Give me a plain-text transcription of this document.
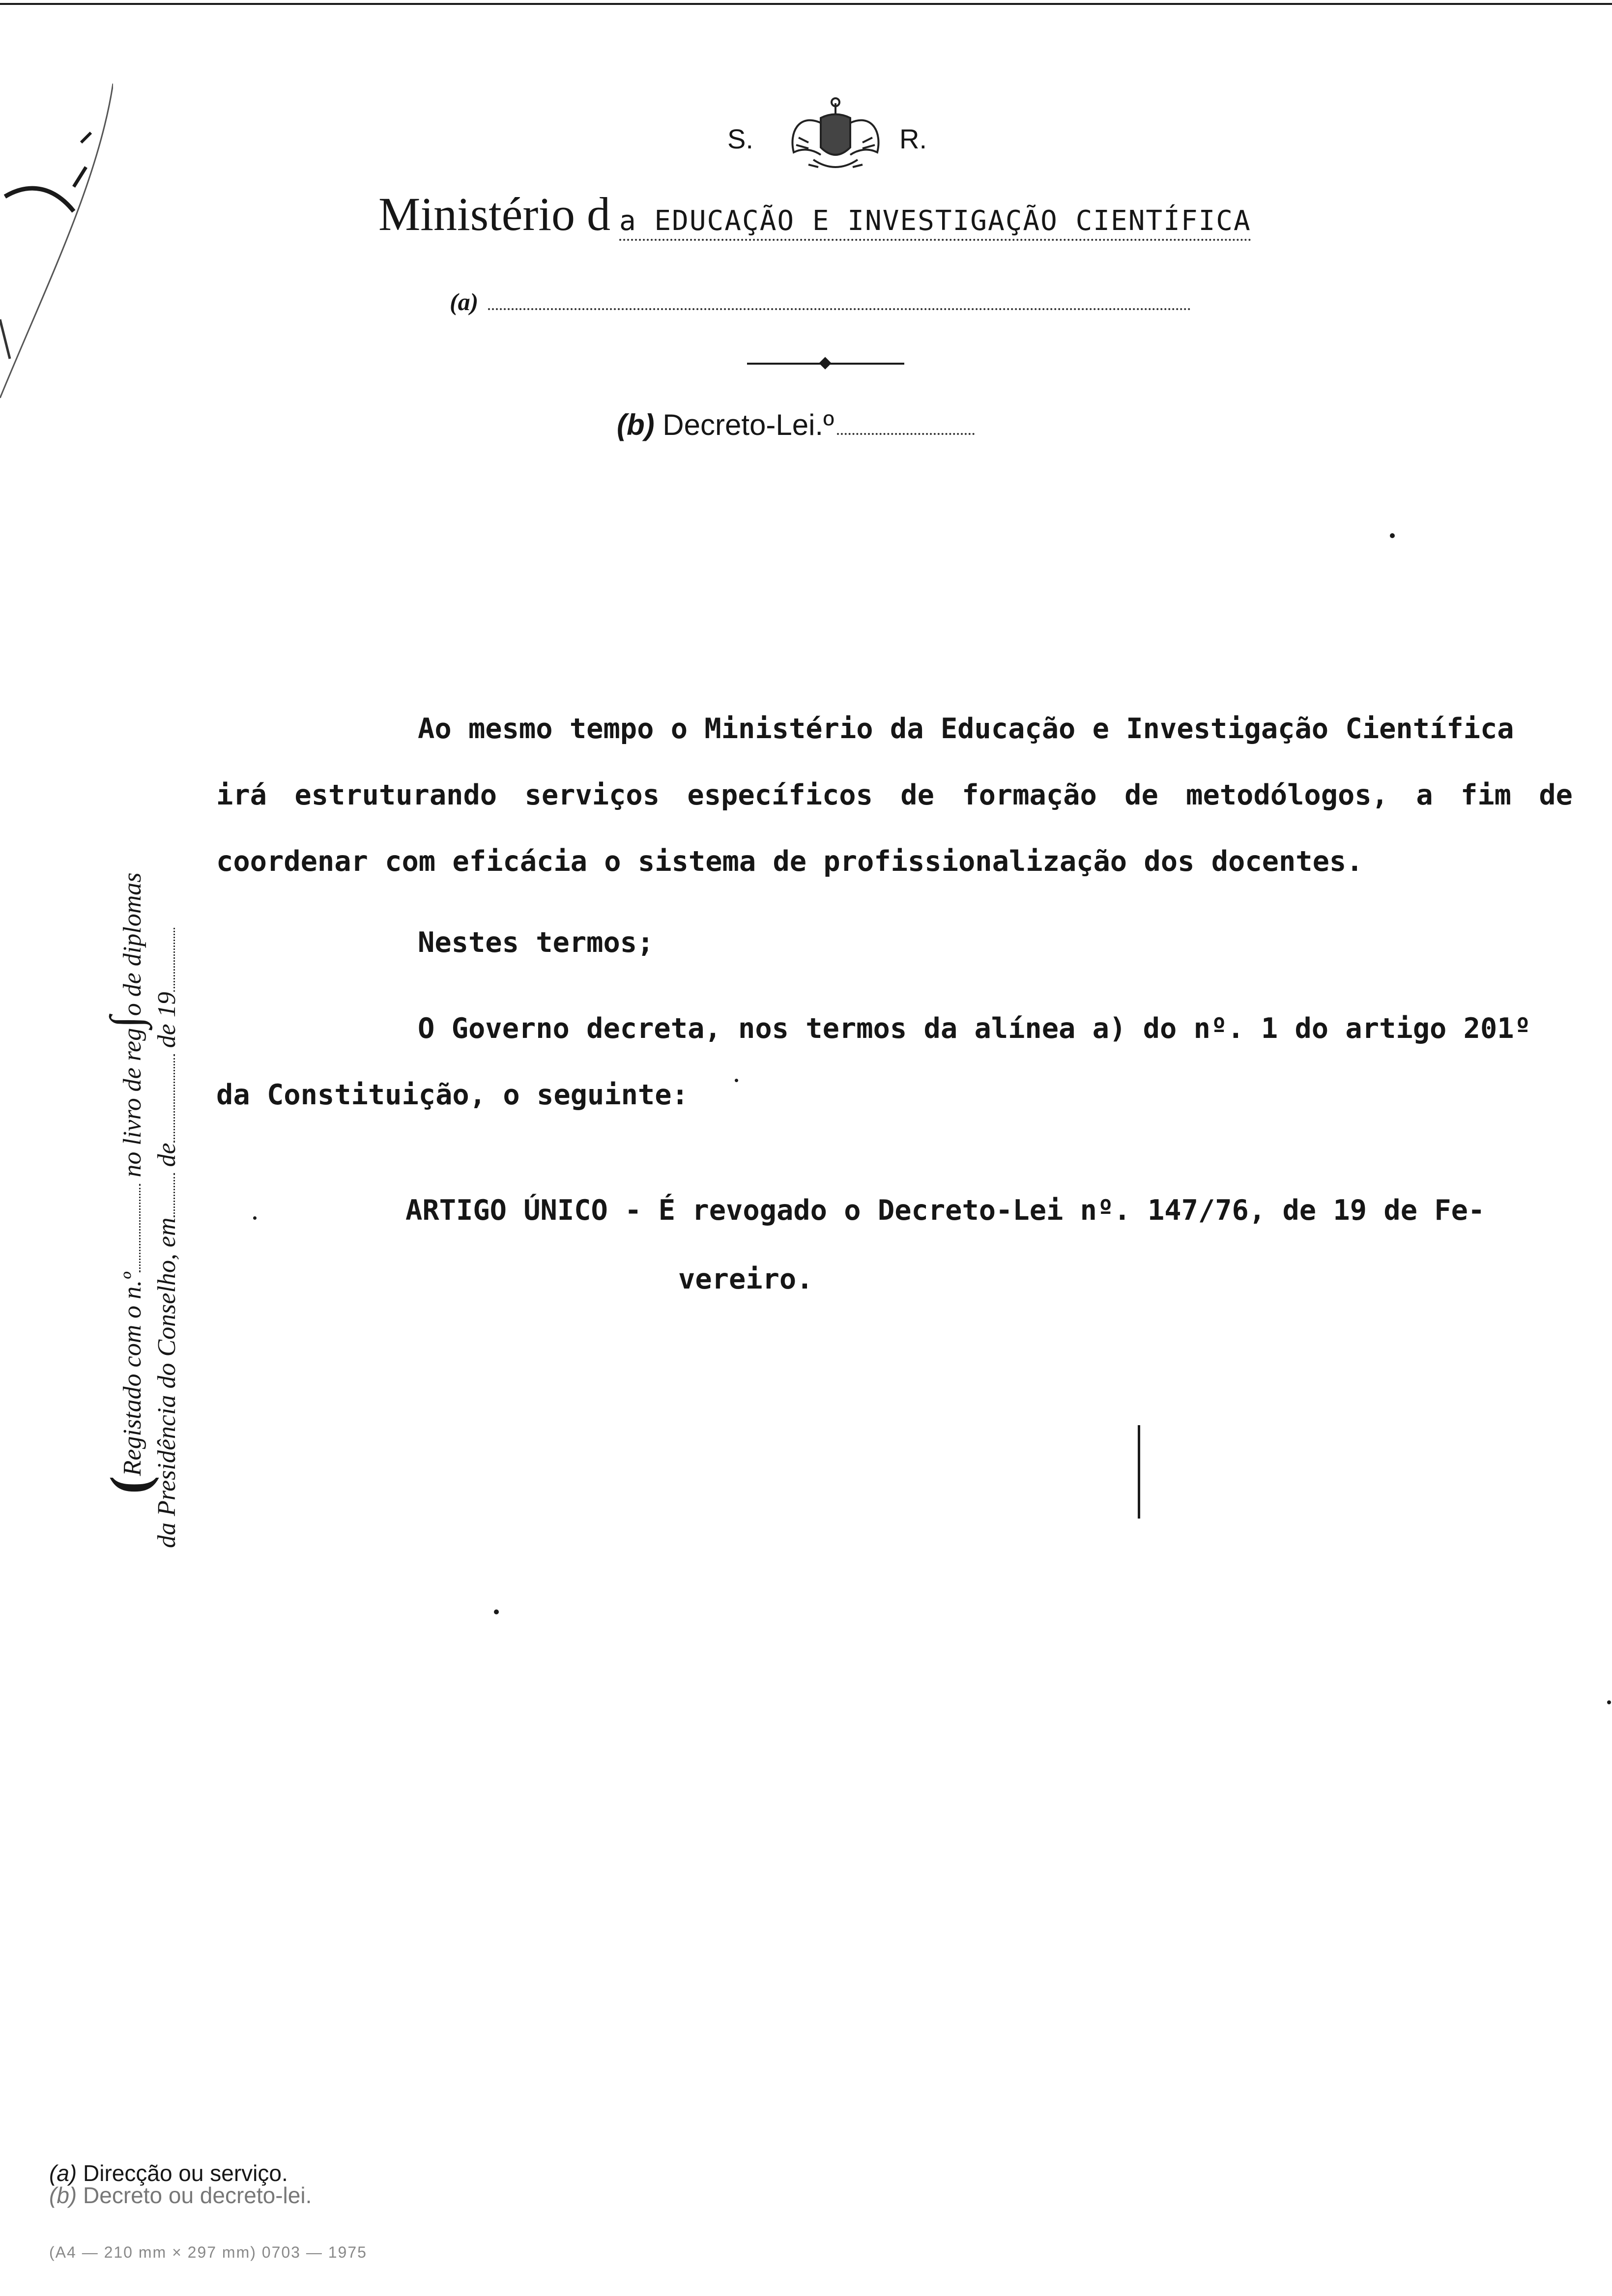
S.	R.
Ministério d a EDUCAÇÃO E INVESTIGAÇÃO CIENTÍFICA
(a)
(b) Decreto-Lei.º
(Registado com o n.º no livro de reg∫o de diplomas
da Presidência do Conselho, em de de 19
Ao mesmo tempo o Ministério da Educação e Investigação Científica
irá estruturando serviços específicos de formação de metodólogos, a fim de
coordenar com eficácia o sistema de profissionalização dos docentes.
Nestes termos;
O Governo decreta, nos termos da alínea a) do nº. 1 do artigo 201º
da Constituição, o seguinte:
ARTIGO ÚNICO - É revogado o Decreto-Lei nº. 147/76, de 19 de Fe-
vereiro.
(a) Direcção ou serviço.
(b) Decreto ou decreto-lei.
(A4 — 210 mm × 297 mm) 0703 — 1975
